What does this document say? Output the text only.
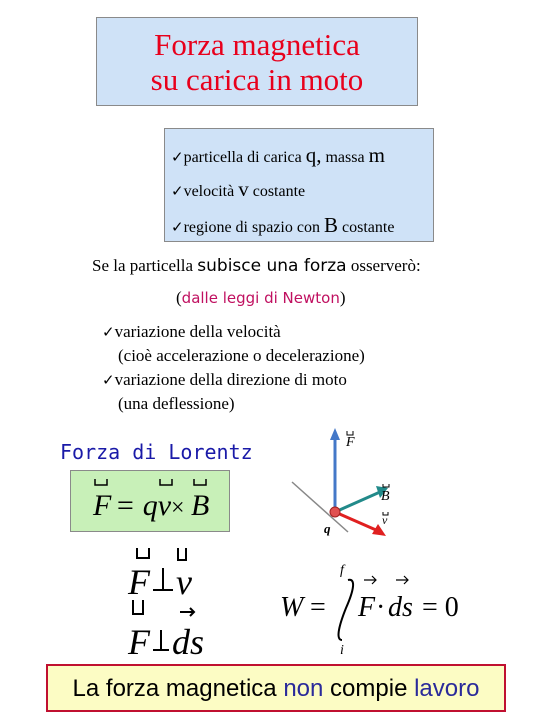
Forza magnetica
su carica in moto
✓particella di carica q, massa m
✓velocità v costante
✓regione di spazio con B costante
Se la particella subisce una forza osserverò:
(dalle leggi di Newton)
✓variazione della velocità
(cioè accelerazione o decelerazione)
✓variazione della direzione di moto
(una deflessione)
Forza di Lorentz
F = qv × B
F
B
v
q
F v
F ds
W =
f
i
F · ds = 0
La forza magnetica non compie lavoro
